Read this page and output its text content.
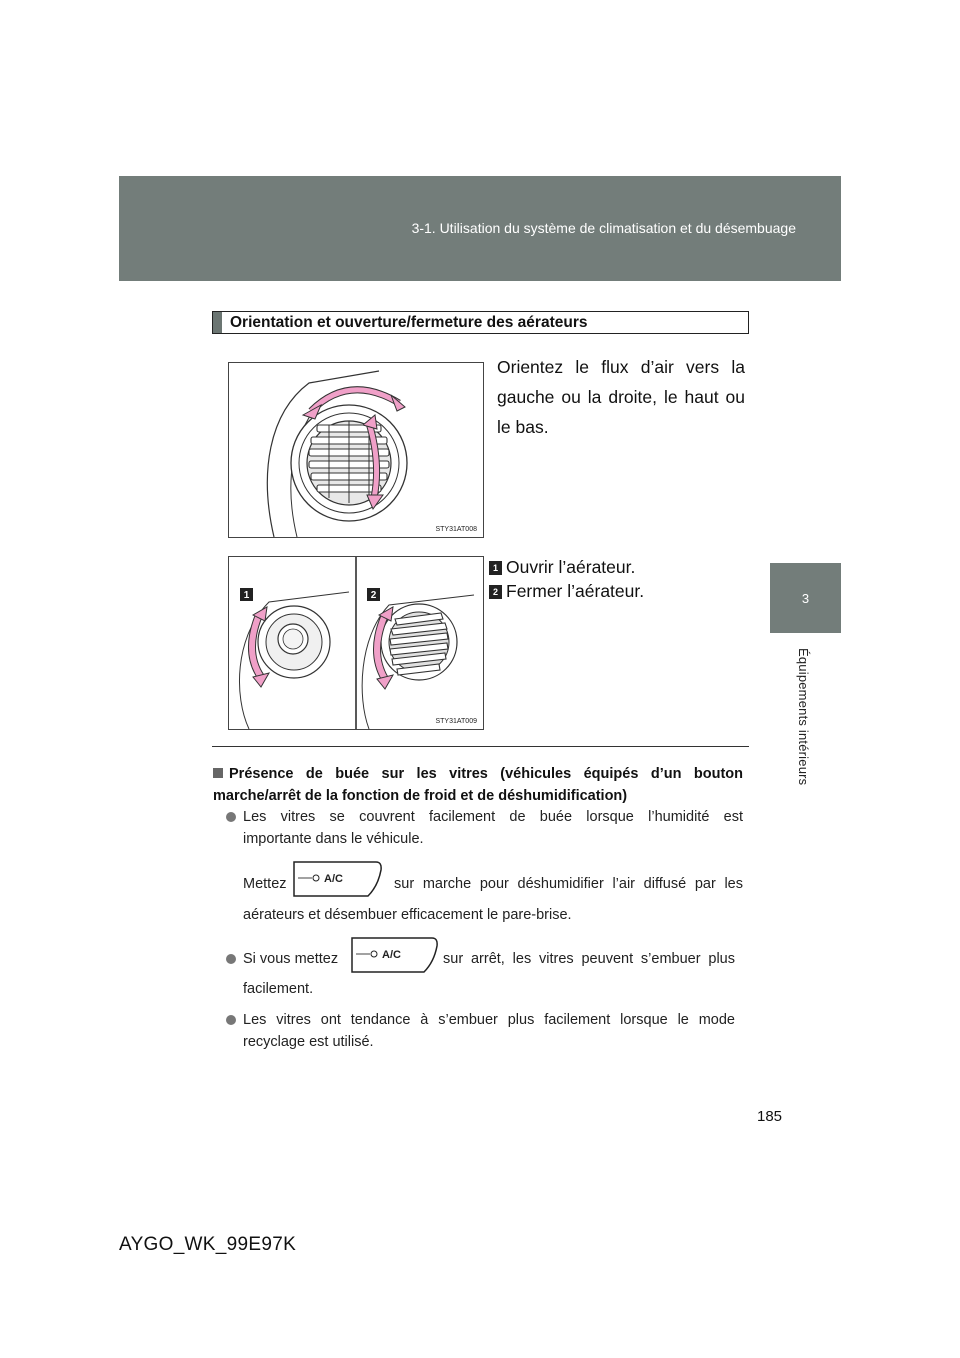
3-1. Utilisation du système de climatisation et du désembuage
3
Équipements intérieurs
Orientation et ouverture/fermeture des aérateurs
STY31AT008
Orientez le flux d’air vers la gauche ou la droite, le haut ou le bas.
1	2
STY31AT009
1 Ouvrir l’aérateur.
2 Fermer l’aérateur.
Présence de buée sur les vitres (véhicules équipés d’un bouton marche/arrêt de la fonction de froid et de déshumidification)
Les vitres se couvrent facilement de buée lorsque l’humidité est
importante dans le véhicule.
Mettez	A/C	sur marche pour déshumidifier l’air diffusé par les
aérateurs et désembuer efficacement le pare-brise.
Si vous mettez	A/C	sur arrêt, les vitres peuvent s’embuer plus
facilement.
Les vitres ont tendance à s’embuer plus facilement lorsque le mode
recyclage est utilisé.
185
AYGO_WK_99E97K
